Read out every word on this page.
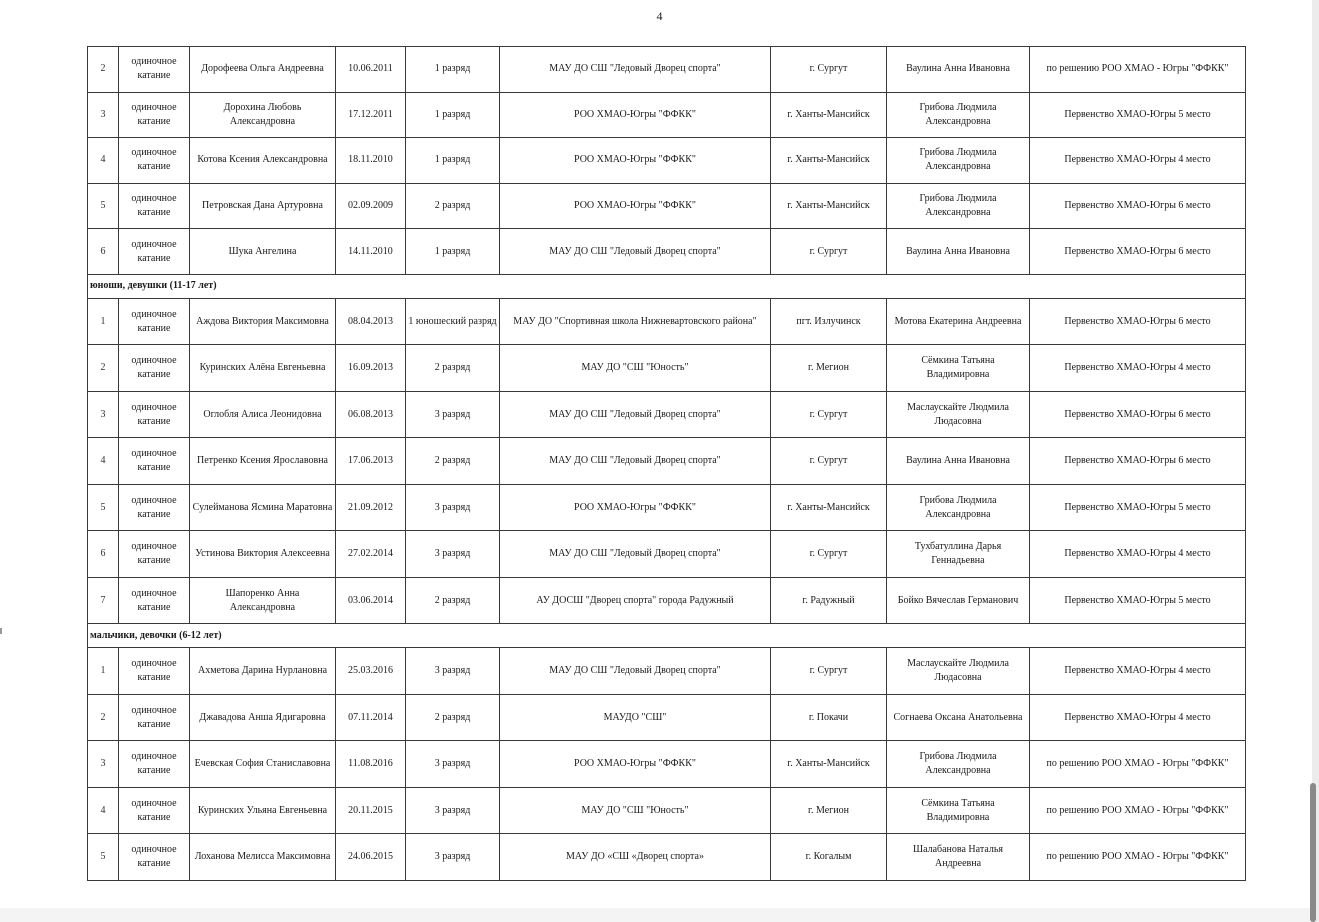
4
2	одиночное катание	Дорофеева Ольга Андреевна	10.06.2011	1 разряд	МАУ ДО СШ "Ледовый Дворец спорта"	г. Сургут	Ваулина Анна Ивановна	по решению РОО ХМАО - Югры "ФФКК"
3	одиночное катание	Дорохина Любовь Александровна	17.12.2011	1 разряд	РОО ХМАО-Югры "ФФКК"	г. Ханты-Мансийск	Грибова Людмила Александровна	Первенство ХМАО-Югры 5 место
4	одиночное катание	Котова Ксения Александровна	18.11.2010	1 разряд	РОО ХМАО-Югры "ФФКК"	г. Ханты-Мансийск	Грибова Людмила Александровна	Первенство ХМАО-Югры 4 место
5	одиночное катание	Петровская Дана Артуровна	02.09.2009	2 разряд	РОО ХМАО-Югры "ФФКК"	г. Ханты-Мансийск	Грибова Людмила Александровна	Первенство ХМАО-Югры 6 место
6	одиночное катание	Шука Ангелина	14.11.2010	1 разряд	МАУ ДО СШ "Ледовый Дворец спорта"	г. Сургут	Ваулина Анна Ивановна	Первенство ХМАО-Югры 6 место
юноши, девушки (11-17 лет)								
1	одиночное катание	Аждова Виктория Максимовна	08.04.2013	1 юношеский разряд	МАУ ДО "Спортивная школа Нижневартовского района"	пгт. Излучинск	Мотова Екатерина Андреевна	Первенство ХМАО-Югры 6 место
2	одиночное катание	Куринских Алёна Евгеньевна	16.09.2013	2 разряд	МАУ ДО "СШ "Юность"	г. Мегион	Сёмкина Татьяна Владимировна	Первенство ХМАО-Югры 4 место
3	одиночное катание	Оглобля Алиса Леонидовна	06.08.2013	3 разряд	МАУ ДО СШ "Ледовый Дворец спорта"	г. Сургут	Маслаускайте Людмила Людасовна	Первенство ХМАО-Югры 6 место
4	одиночное катание	Петренко Ксения Ярославовна	17.06.2013	2 разряд	МАУ ДО СШ "Ледовый Дворец спорта"	г. Сургут	Ваулина Анна Ивановна	Первенство ХМАО-Югры 6 место
5	одиночное катание	Сулейманова Ясмина Маратовна	21.09.2012	3 разряд	РОО ХМАО-Югры "ФФКК"	г. Ханты-Мансийск	Грибова Людмила Александровна	Первенство ХМАО-Югры 5 место
6	одиночное катание	Устинова Виктория Алексеевна	27.02.2014	3 разряд	МАУ ДО СШ "Ледовый Дворец спорта"	г. Сургут	Тухбатуллина Дарья Геннадьевна	Первенство ХМАО-Югры 4 место
7	одиночное катание	Шапоренко Анна Александровна	03.06.2014	2 разряд	АУ ДОСШ "Дворец спорта" города Радужный	г. Радужный	Бойко Вячеслав Германович	Первенство ХМАО-Югры 5 место
мальчики, девочки (6-12 лет)								
1	одиночное катание	Ахметова Дарина Нурлановна	25.03.2016	3 разряд	МАУ ДО СШ "Ледовый Дворец спорта"	г. Сургут	Маслаускайте Людмила Людасовна	Первенство ХМАО-Югры 4 место
2	одиночное катание	Джавадова Анша Ядигаровна	07.11.2014	2 разряд	МАУДО "СШ"	г. Покачи	Согнаева Оксана Анатольевна	Первенство ХМАО-Югры 4 место
3	одиночное катание	Ечевская София Станиславовна	11.08.2016	3 разряд	РОО ХМАО-Югры "ФФКК"	г. Ханты-Мансийск	Грибова Людмила Александровна	по решению РОО ХМАО - Югры "ФФКК"
4	одиночное катание	Куринских Ульяна Евгеньевна	20.11.2015	3 разряд	МАУ ДО "СШ "Юность"	г. Мегион	Сёмкина Татьяна Владимировна	по решению РОО ХМАО - Югры "ФФКК"
5	одиночное катание	Лоханова Мелисса Максимовна	24.06.2015	3 разряд	МАУ ДО «СШ «Дворец спорта»	г. Когалым	Шалабанова Наталья Андреевна	по решению РОО ХМАО - Югры "ФФКК"
